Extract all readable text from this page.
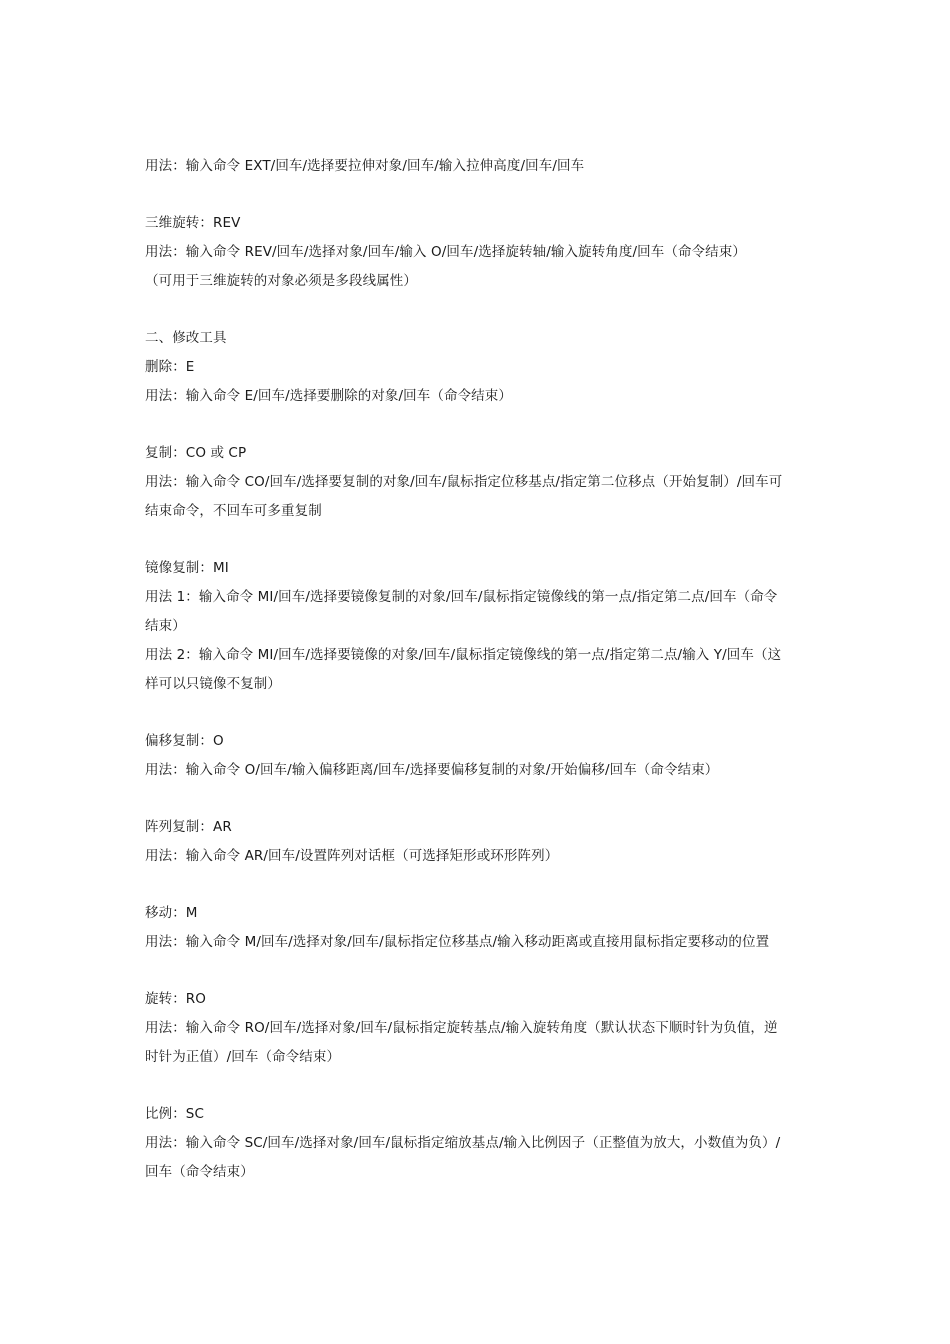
用法：输入命令 EXT/回车/选择要拉伸对象/回车/输入拉伸高度/回车/回车
三维旋转：REV
用法：输入命令 REV/回车/选择对象/回车/输入 O/回车/选择旋转轴/输入旋转角度/回车（命令结束）
（可用于三维旋转的对象必须是多段线属性）
二、修改工具
删除：E
用法：输入命令 E/回车/选择要删除的对象/回车（命令结束）
复制：CO 或 CP
用法：输入命令 CO/回车/选择要复制的对象/回车/鼠标指定位移基点/指定第二位移点（开始复制）/回车可
结束命令，不回车可多重复制
镜像复制：MI
用法 1：输入命令 MI/回车/选择要镜像复制的对象/回车/鼠标指定镜像线的第一点/指定第二点/回车（命令
结束）
用法 2：输入命令 MI/回车/选择要镜像的对象/回车/鼠标指定镜像线的第一点/指定第二点/输入 Y/回车（这
样可以只镜像不复制）
偏移复制：O
用法：输入命令 O/回车/输入偏移距离/回车/选择要偏移复制的对象/开始偏移/回车（命令结束）
阵列复制：AR
用法：输入命令 AR/回车/设置阵列对话框（可选择矩形或环形阵列）
移动：M
用法：输入命令 M/回车/选择对象/回车/鼠标指定位移基点/输入移动距离或直接用鼠标指定要移动的位置
旋转：RO
用法：输入命令 RO/回车/选择对象/回车/鼠标指定旋转基点/输入旋转角度（默认状态下顺时针为负值，逆
时针为正值）/回车（命令结束）
比例：SC
用法：输入命令 SC/回车/选择对象/回车/鼠标指定缩放基点/输入比例因子（正整值为放大，小数值为负）/
回车（命令结束）
